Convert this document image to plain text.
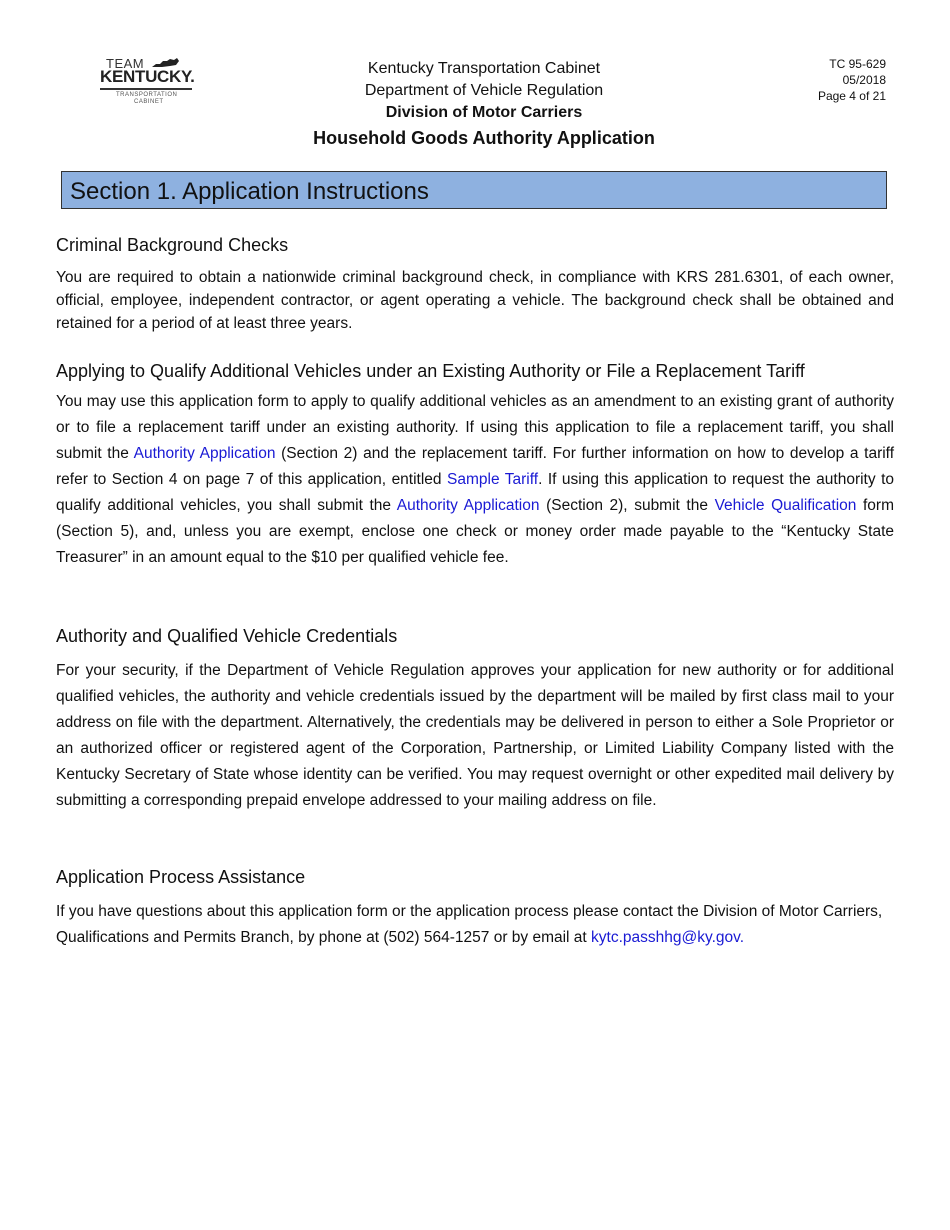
TEAM
KENTUCKY.
TRANSPORTATION
CABINET
Kentucky Transportation Cabinet
Department of Vehicle Regulation
Division of Motor Carriers
Household Goods Authority Application
TC 95-629
05/2018
Page 4 of 21
Section 1. Application Instructions
Criminal Background Checks

You are required to obtain a nationwide criminal background check, in compliance with KRS 281.6301, of each owner, official, employee, independent contractor, or agent operating a vehicle. The background check shall be obtained and retained for a period of at least three years.

Applying to Qualify Additional Vehicles under an Existing Authority or File a Replacement Tariff

You may use this application form to apply to qualify additional vehicles as an amendment to an existing grant of authority or to file a replacement tariff under an existing authority. If using this application to file a replacement tariff, you shall submit the Authority Application (Section 2) and the replacement tariff. For further information on how to develop a tariff refer to Section 4 on page 7 of this application, entitled Sample Tariff. If using this application to request the authority to qualify additional vehicles, you shall submit the Authority Application (Section 2), submit the Vehicle Qualification form (Section 5), and, unless you are exempt, enclose one check or money order made payable to the “Kentucky State Treasurer” in an amount equal to the $10 per qualified vehicle fee.

Authority and Qualified Vehicle Credentials

For your security, if the Department of Vehicle Regulation approves your application for new authority or for additional qualified vehicles, the authority and vehicle credentials issued by the department will be mailed by first class mail to your address on file with the department. Alternatively, the credentials may be delivered in person to either a Sole Proprietor or an authorized officer or registered agent of the Corporation, Partnership, or Limited Liability Company listed with the Kentucky Secretary of State whose identity can be verified. You may request overnight or other expedited mail delivery by submitting a corresponding prepaid envelope addressed to your mailing address on file.

Application Process Assistance

If you have questions about this application form or the application process please contact the Division of Motor Carriers, Qualifications and Permits Branch, by phone at (502) 564-1257 or by email at kytc.passhhg@ky.gov.
